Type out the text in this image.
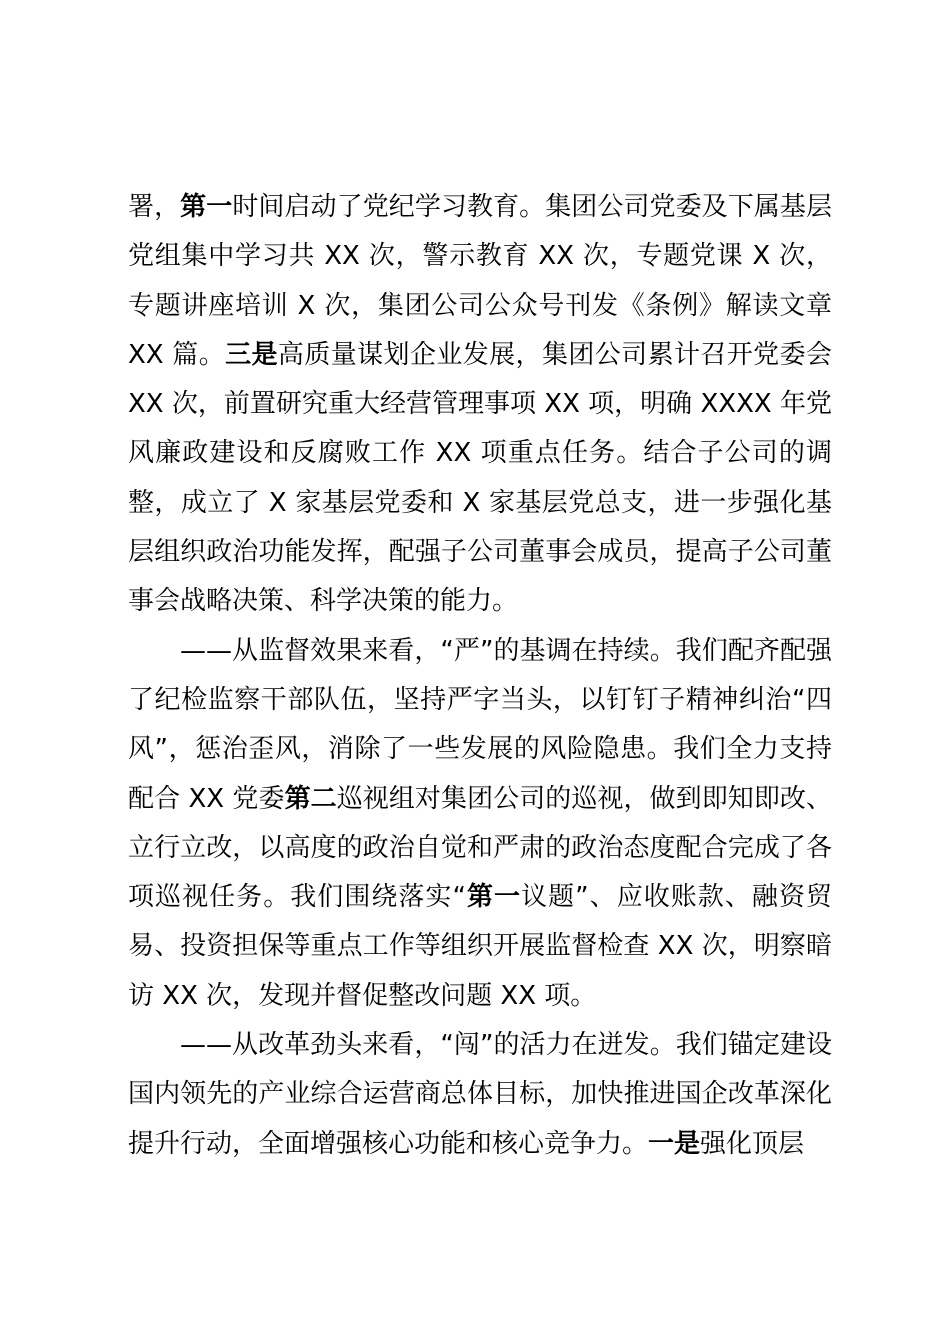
署，第一时间启动了党纪学习教育。集团公司党委及下属基层党组集中学习共 XX 次，警示教育 XX 次，专题党课 X 次，专题讲座培训 X 次，集团公司公众号刊发《条例》解读文章 XX 篇。三是高质量谋划企业发展，集团公司累计召开党委会 XX 次，前置研究重大经营管理事项 XX 项，明确 XXXX 年党风廉政建设和反腐败工作 XX 项重点任务。结合子公司的调整，成立了 X 家基层党委和 X 家基层党总支，进一步强化基层组织政治功能发挥，配强子公司董事会成员，提高子公司董事会战略决策、科学决策的能力。

——从监督效果来看，“严”的基调在持续。我们配齐配强了纪检监察干部队伍，坚持严字当头，以钉钉子精神纠治“四风”，惩治歪风，消除了一些发展的风险隐患。我们全力支持配合 XX 党委第二巡视组对集团公司的巡视，做到即知即改、立行立改，以高度的政治自觉和严肃的政治态度配合完成了各项巡视任务。我们围绕落实“第一议题”、应收账款、融资贸易、投资担保等重点工作等组织开展监督检查 XX 次，明察暗访 XX 次，发现并督促整改问题 XX 项。

——从改革劲头来看，“闯”的活力在迸发。我们锚定建设国内领先的产业综合运营商总体目标，加快推进国企改革深化提升行动，全面增强核心功能和核心竞争力。一是强化顶层
